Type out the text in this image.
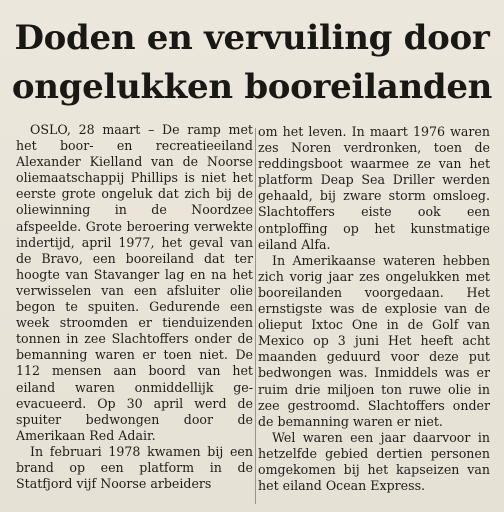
Doden en vervuiling door
ongelukken booreilanden

OSLO, 28 maart – De ramp met het boor- en recreatieeiland Alexander Kielland van de Noorse oliemaatschappij Phillips is niet het eerste grote ongeluk dat zich bij de oliewinning in de Noordzee afspeelde. Grote beroering verwekte indertijd, april 1977, het geval van de Bravo, een booreiland dat ter hoogte van Stavanger lag en na het verwisselen van een afsluiter olie begon te spuiten. Gedurende een week stroomden er tienduizenden tonnen in zee Slachtoffers onder de bemanning waren er toen niet. De 112 mensen aan boord van het eiland waren onmiddellijk geevacueerd. Op 30 april werd de spuiter bedwongen door de Amerikaan Red Adair.

In februari 1978 kwamen bij een brand op een platform in de Statfjord vijf Noorse arbeiders

om het leven. In maart 1976 waren zes Noren verdronken, toen de reddingsboot waarmee ze van het platform Deap Sea Driller werden gehaald, bij zware storm omsloeg. Slachtoffers eiste ook een ontploffing op het kunstmatige eiland Alfa.

In Amerikaanse wateren hebben zich vorig jaar zes ongelukken met booreilanden voorgedaan. Het ernstigste was de explosie van de olieput Ixtoc One in de Golf van Mexico op 3 juni Het heeft acht maanden geduurd voor deze put bedwongen was. Inmiddels was er ruim drie miljoen ton ruwe olie in zee gestroomd. Slachtoffers onder de bemanning waren er niet.

Wel waren een jaar daarvoor in hetzelfde gebied dertien personen omgekomen bij het kapseizen van het eiland Ocean Express.
